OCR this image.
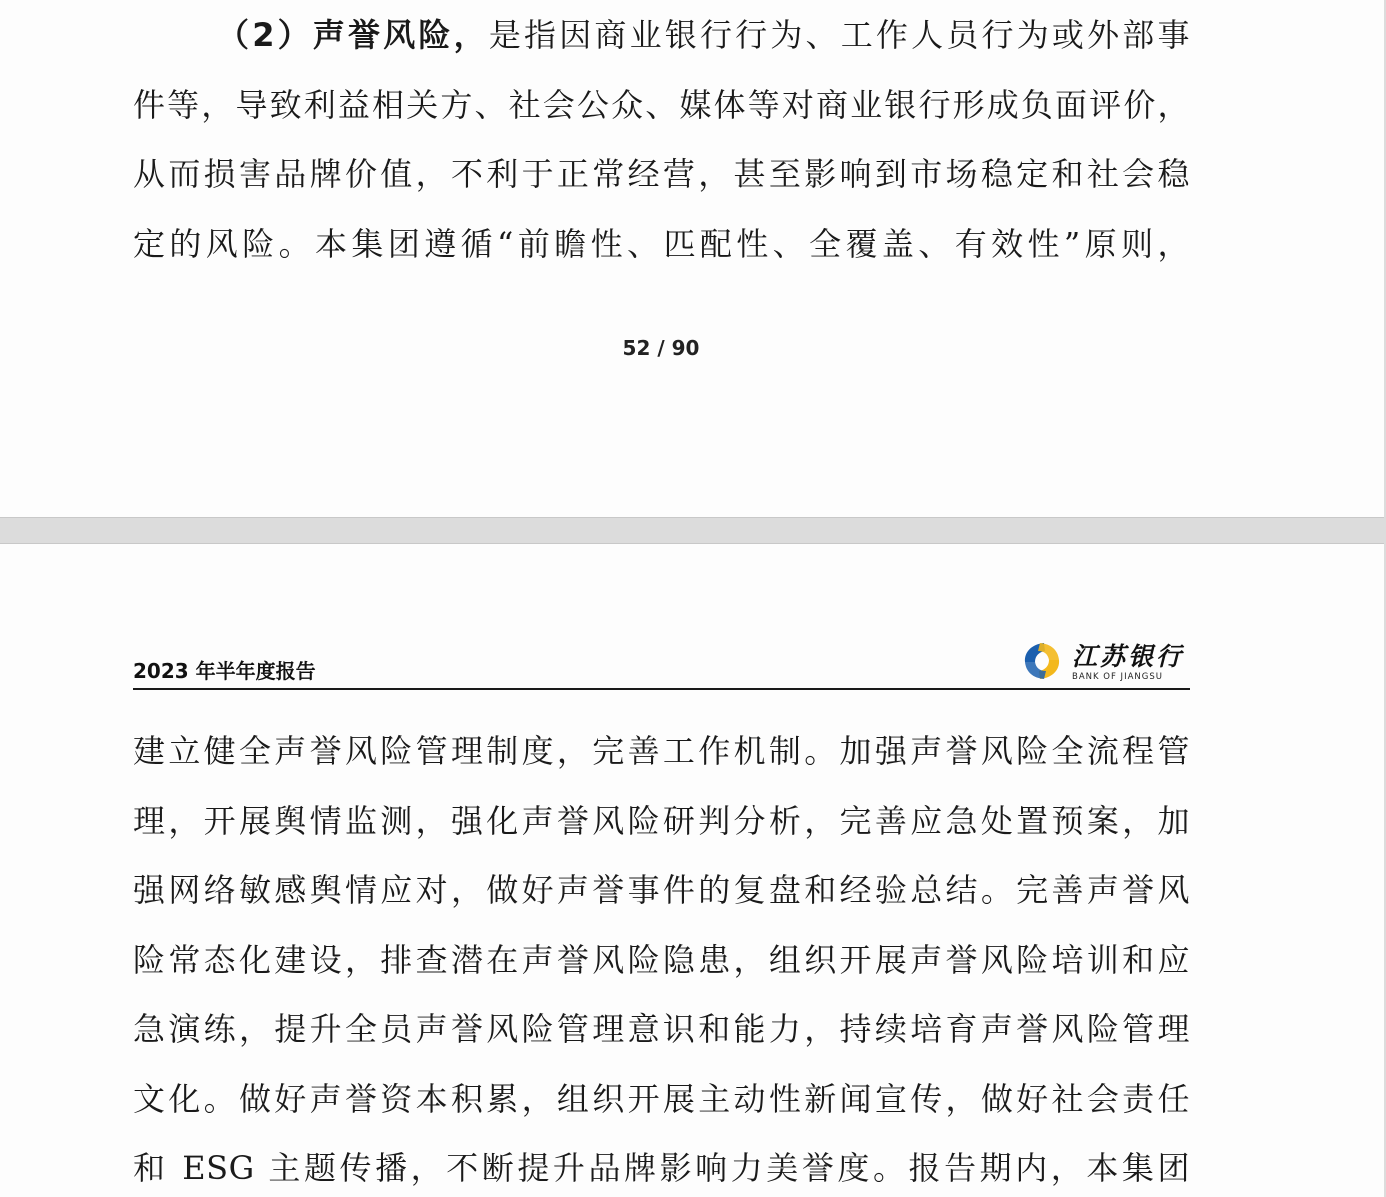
（2）声誉风险，是指因商业银行行为、工作人员行为或外部事
件等，导致利益相关方、社会公众、媒体等对商业银行形成负面评价，
从而损害品牌价值，不利于正常经营，甚至影响到市场稳定和社会稳
定的风险。本集团遵循“前瞻性、匹配性、全覆盖、有效性”原则，
52 / 90
2023 年半年度报告	江苏银行
BANK OF JIANGSU
建立健全声誉风险管理制度，完善工作机制。加强声誉风险全流程管
理，开展舆情监测，强化声誉风险研判分析，完善应急处置预案，加
强网络敏感舆情应对，做好声誉事件的复盘和经验总结。完善声誉风
险常态化建设，排查潜在声誉风险隐患，组织开展声誉风险培训和应
急演练，提升全员声誉风险管理意识和能力，持续培育声誉风险管理
文化。做好声誉资本积累，组织开展主动性新闻宣传，做好社会责任
和 ESG 主题传播，不断提升品牌影响力美誉度。报告期内，本集团
